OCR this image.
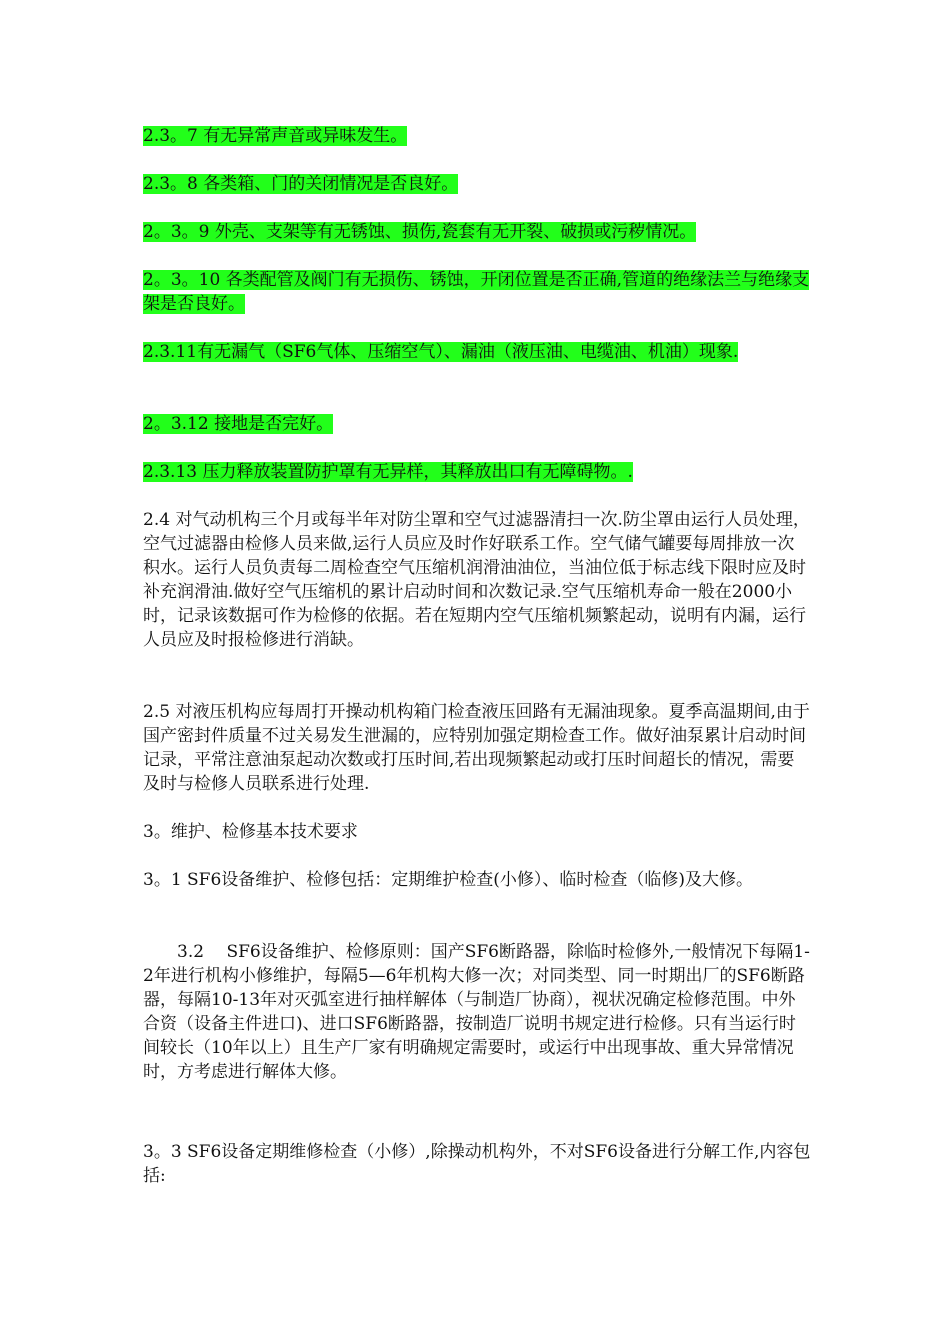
2.3。7 有无异常声音或异味发生。

2.3。8 各类箱、门的关闭情况是否良好。

2。3。9 外壳、支架等有无锈蚀、损伤,瓷套有无开裂、破损或污秽情况。

2。3。10 各类配管及阀门有无损伤、锈蚀，开闭位置是否正确,管道的绝缘法兰与绝缘支架是否良好。

2.3.11有无漏气（SF6气体、压缩空气）、漏油（液压油、电缆油、机油）现象.

2。3.12 接地是否完好。

2.3.13 压力释放装置防护罩有无异样，其释放出口有无障碍物。.

2.4 对气动机构三个月或每半年对防尘罩和空气过滤器清扫一次.防尘罩由运行人员处理，空气过滤器由检修人员来做,运行人员应及时作好联系工作。空气储气罐要每周排放一次积水。运行人员负责每二周检查空气压缩机润滑油油位，当油位低于标志线下限时应及时补充润滑油.做好空气压缩机的累计启动时间和次数记录.空气压缩机寿命一般在2000小时，记录该数据可作为检修的依据。若在短期内空气压缩机频繁起动，说明有内漏，运行人员应及时报检修进行消缺。

2.5 对液压机构应每周打开操动机构箱门检查液压回路有无漏油现象。夏季高温期间,由于国产密封件质量不过关易发生泄漏的，应特别加强定期检查工作。做好油泵累计启动时间记录，平常注意油泵起动次数或打压时间,若出现频繁起动或打压时间超长的情况，需要及时与检修人员联系进行处理.

3。维护、检修基本技术要求

3。1 SF6设备维护、检修包括：定期维护检查(小修）、临时检查（临修)及大修。

3.2　 SF6设备维护、检修原则：国产SF6断路器，除临时检修外,一般情况下每隔1-2年进行机构小修维护，每隔5—6年机构大修一次；对同类型、同一时期出厂的SF6断路器，每隔10-13年对灭弧室进行抽样解体（与制造厂协商），视状况确定检修范围。中外合资（设备主件进口)、进口SF6断路器，按制造厂说明书规定进行检修。只有当运行时间较长（10年以上）且生产厂家有明确规定需要时，或运行中出现事故、重大异常情况时，方考虑进行解体大修。

3。3 SF6设备定期维修检查（小修）,除操动机构外，不对SF6设备进行分解工作,内容包括:
